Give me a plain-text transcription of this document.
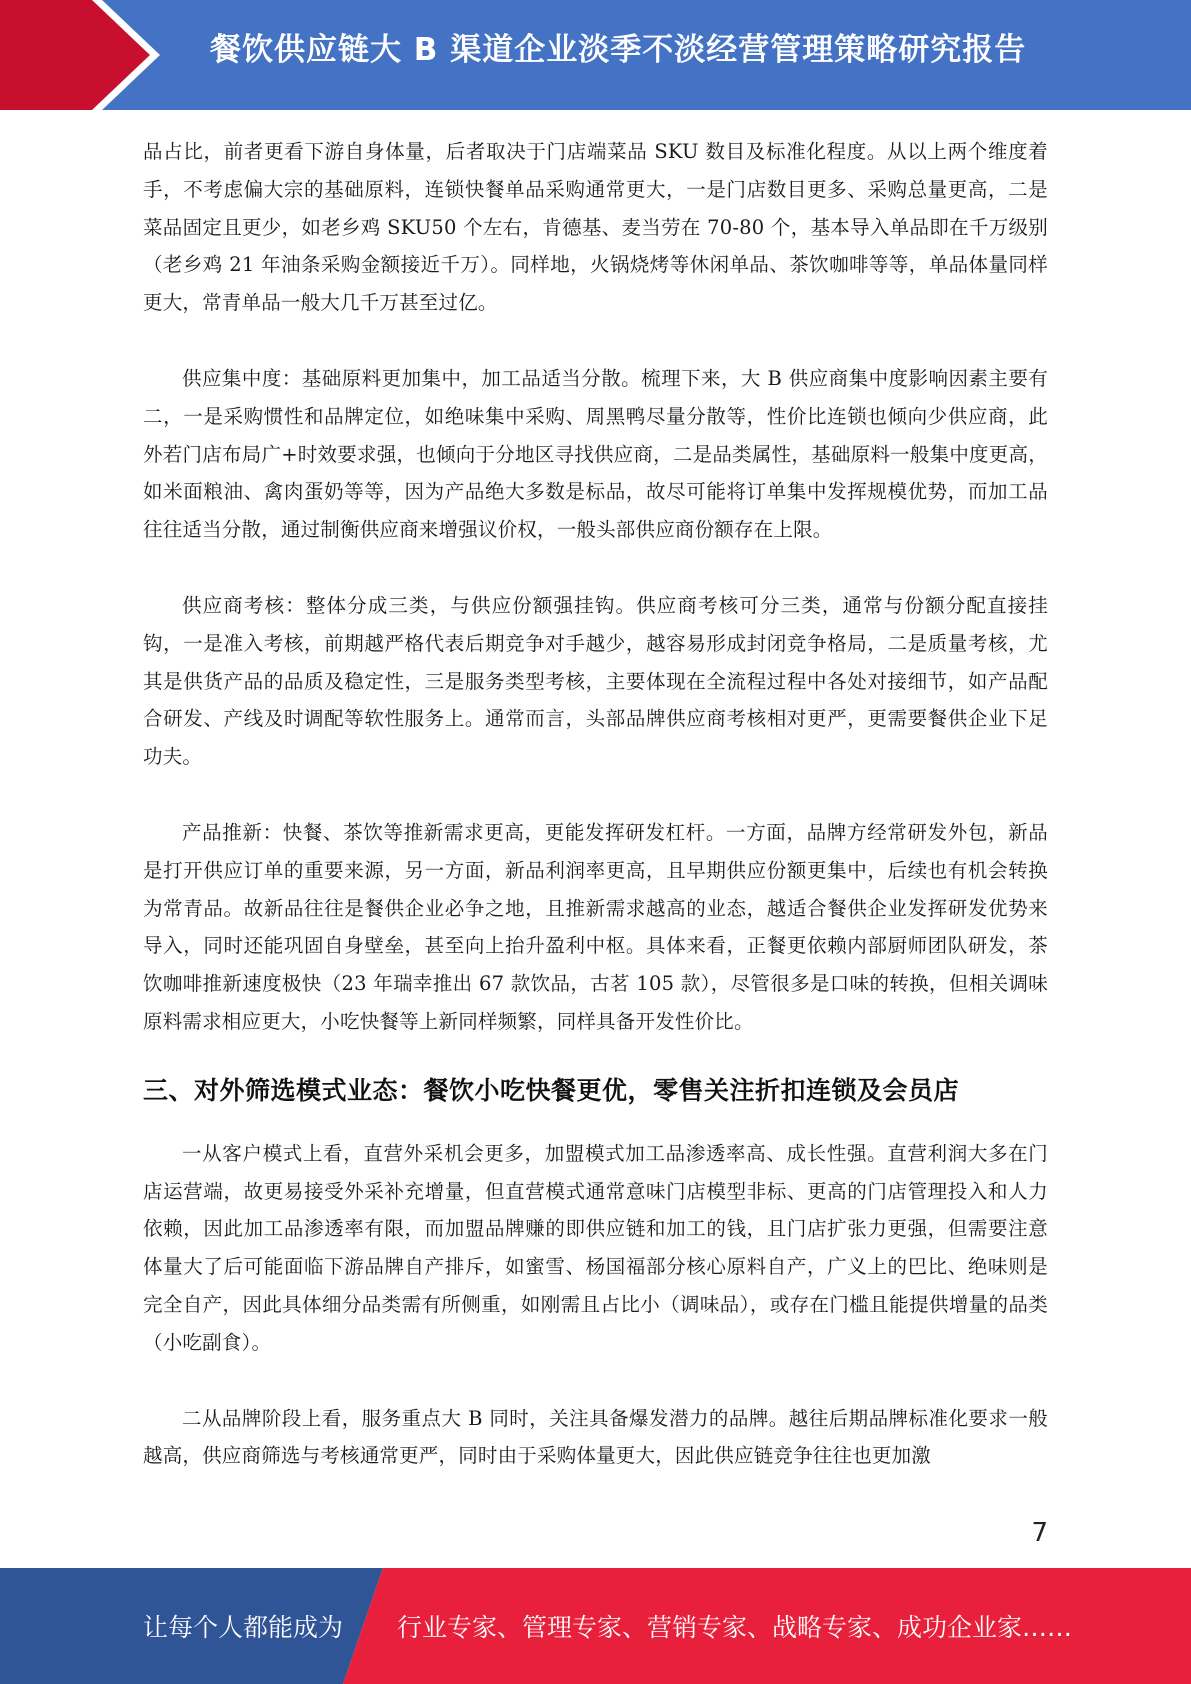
餐饮供应链大 B 渠道企业淡季不淡经营管理策略研究报告

品占比，前者更看下游自身体量，后者取决于门店端菜品 SKU 数目及标准化程度。从以上两个维度着手，不考虑偏大宗的基础原料，连锁快餐单品采购通常更大，一是门店数目更多、采购总量更高，二是菜品固定且更少，如老乡鸡 SKU50 个左右，肯德基、麦当劳在 70-80 个，基本导入单品即在千万级别（老乡鸡 21 年油条采购金额接近千万）。同样地，火锅烧烤等休闲单品、茶饮咖啡等等，单品体量同样更大，常青单品一般大几千万甚至过亿。

供应集中度：基础原料更加集中，加工品适当分散。梳理下来，大 B 供应商集中度影响因素主要有二，一是采购惯性和品牌定位，如绝味集中采购、周黑鸭尽量分散等，性价比连锁也倾向少供应商，此外若门店布局广+时效要求强，也倾向于分地区寻找供应商，二是品类属性，基础原料一般集中度更高，如米面粮油、禽肉蛋奶等等，因为产品绝大多数是标品，故尽可能将订单集中发挥规模优势，而加工品往往适当分散，通过制衡供应商来增强议价权，一般头部供应商份额存在上限。

供应商考核：整体分成三类，与供应份额强挂钩。供应商考核可分三类，通常与份额分配直接挂钩，一是准入考核，前期越严格代表后期竞争对手越少，越容易形成封闭竞争格局，二是质量考核，尤其是供货产品的品质及稳定性，三是服务类型考核，主要体现在全流程过程中各处对接细节，如产品配合研发、产线及时调配等软性服务上。通常而言，头部品牌供应商考核相对更严，更需要餐供企业下足功夫。

产品推新：快餐、茶饮等推新需求更高，更能发挥研发杠杆。一方面，品牌方经常研发外包，新品是打开供应订单的重要来源，另一方面，新品利润率更高，且早期供应份额更集中，后续也有机会转换为常青品。故新品往往是餐供企业必争之地，且推新需求越高的业态，越适合餐供企业发挥研发优势来导入，同时还能巩固自身壁垒，甚至向上抬升盈利中枢。具体来看，正餐更依赖内部厨师团队研发，茶饮咖啡推新速度极快（23 年瑞幸推出 67 款饮品，古茗 105 款），尽管很多是口味的转换，但相关调味原料需求相应更大，小吃快餐等上新同样频繁，同样具备开发性价比。

三、对外筛选模式业态：餐饮小吃快餐更优，零售关注折扣连锁及会员店

一从客户模式上看，直营外采机会更多，加盟模式加工品渗透率高、成长性强。直营利润大多在门店运营端，故更易接受外采补充增量，但直营模式通常意味门店模型非标、更高的门店管理投入和人力依赖，因此加工品渗透率有限，而加盟品牌赚的即供应链和加工的钱，且门店扩张力更强，但需要注意体量大了后可能面临下游品牌自产排斥，如蜜雪、杨国福部分核心原料自产，广义上的巴比、绝味则是完全自产，因此具体细分品类需有所侧重，如刚需且占比小（调味品），或存在门槛且能提供增量的品类（小吃副食）。

二从品牌阶段上看，服务重点大 B 同时，关注具备爆发潜力的品牌。越往后期品牌标准化要求一般越高，供应商筛选与考核通常更严，同时由于采购体量更大，因此供应链竞争往往也更加激

7
让每个人都能成为 行业专家、管理专家、营销专家、战略专家、成功企业家……
